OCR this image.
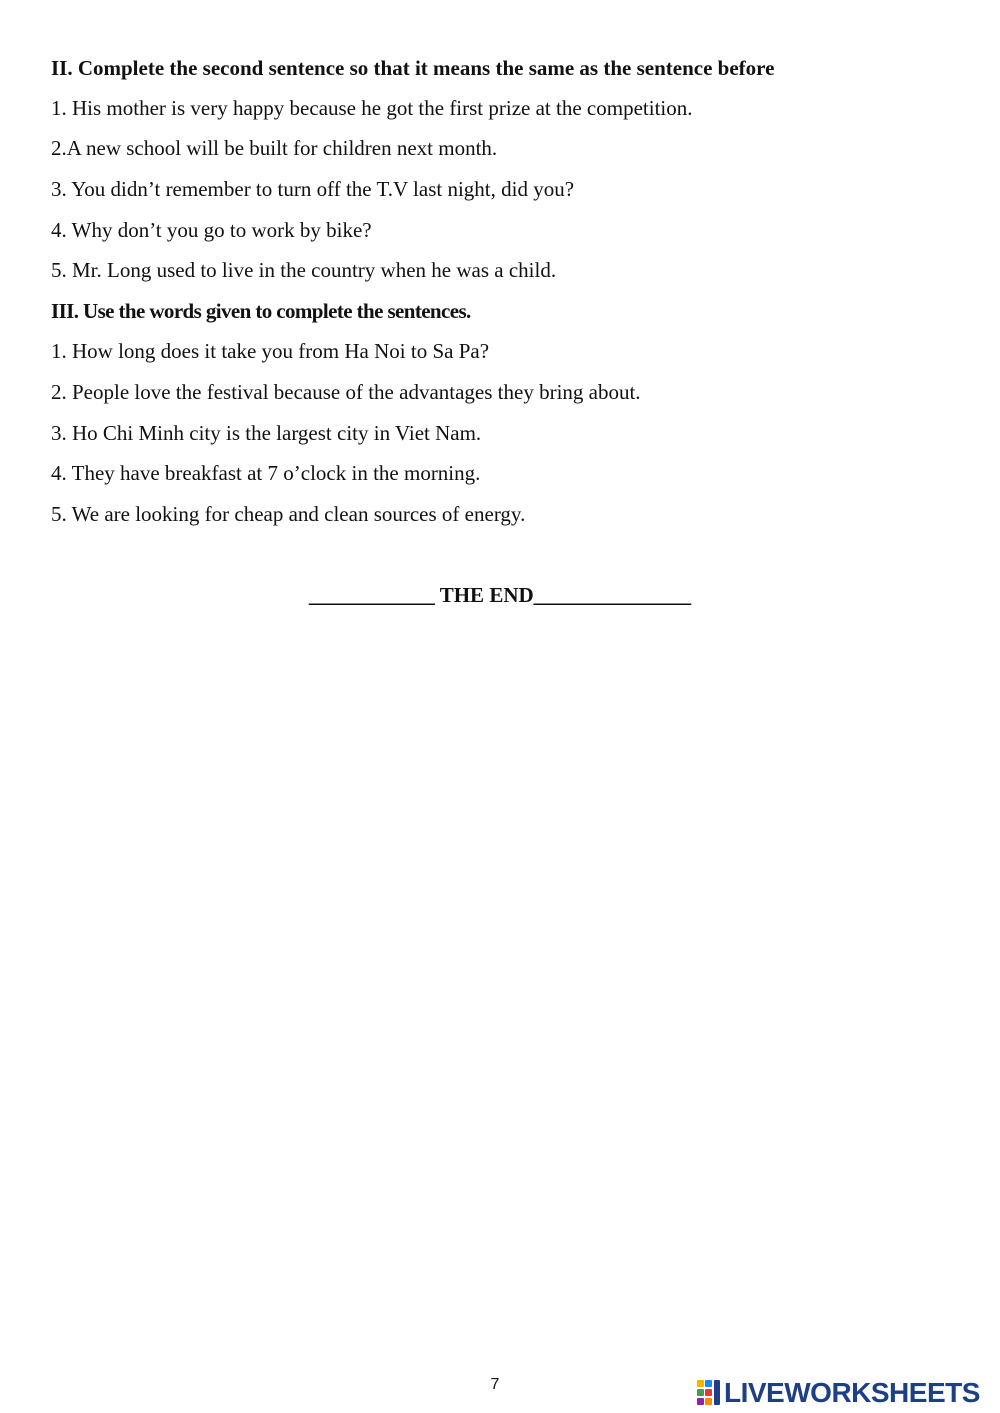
II. Complete the second sentence so that it means the same as the sentence before
1. His mother is very happy because he got the first prize at the competition.
2.A new school will be built for children next month.
3. You didn’t remember to turn off the T.V last night, did you?
4. Why don’t you go to work by bike?
5. Mr. Long used to live in the country when he was a child.
III. Use the words given to complete the sentences.
1. How long does it take you from Ha Noi to Sa Pa?
2. People love the festival because of the advantages they bring about.
3. Ho Chi Minh city is the largest city in Viet Nam.
4. They have breakfast at 7 o’clock in the morning.
5. We are looking for cheap and clean sources of energy.
____________ THE END_______________
7	LIVEWORKSHEETS
